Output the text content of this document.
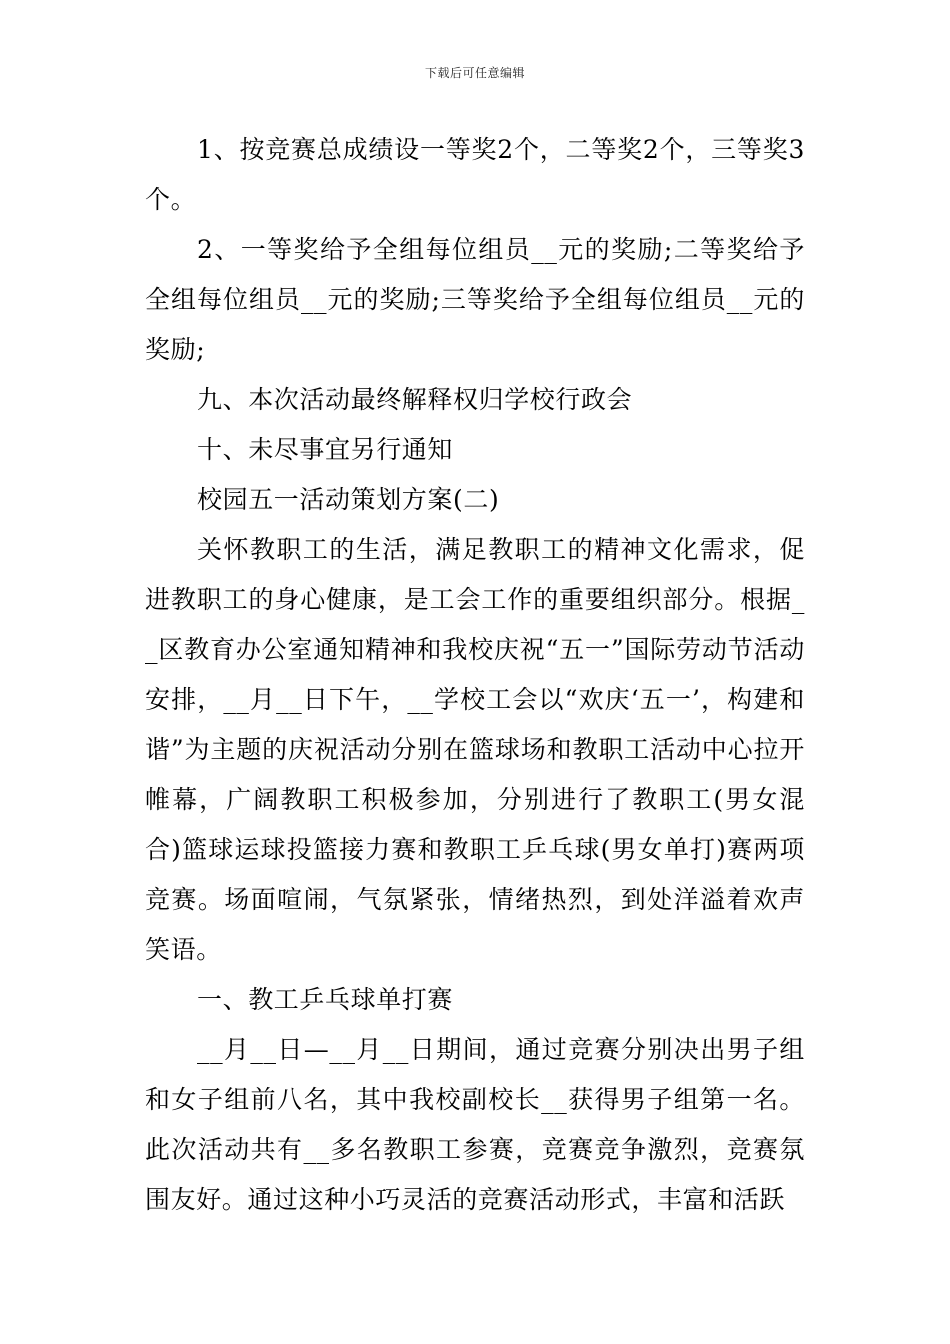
下载后可任意编辑

1、按竞赛总成绩设一等奖2个，二等奖2个，三等奖3个。

2、一等奖给予全组每位组员__元的奖励;二等奖给予全组每位组员__元的奖励;三等奖给予全组每位组员__元的奖励;

九、本次活动最终解释权归学校行政会

十、未尽事宜另行通知

校园五一活动策划方案(二)

关怀教职工的生活，满足教职工的精神文化需求，促进教职工的身心健康，是工会工作的重要组织部分。根据__区教育办公室通知精神和我校庆祝“五一”国际劳动节活动安排，__月__日下午，__学校工会以“欢庆‘五一’，构建和谐”为主题的庆祝活动分别在篮球场和教职工活动中心拉开帷幕，广阔教职工积极参加，分别进行了教职工(男女混合)篮球运球投篮接力赛和教职工乒乓球(男女单打)赛两项竞赛。场面喧闹，气氛紧张，情绪热烈，到处洋溢着欢声笑语。

一、教工乒乓球单打赛

__月__日—__月__日期间，通过竞赛分别决出男子组和女子组前八名，其中我校副校长__获得男子组第一名。此次活动共有__多名教职工参赛，竞赛竞争激烈，竞赛氛围友好。通过这种小巧灵活的竞赛活动形式，丰富和活跃
